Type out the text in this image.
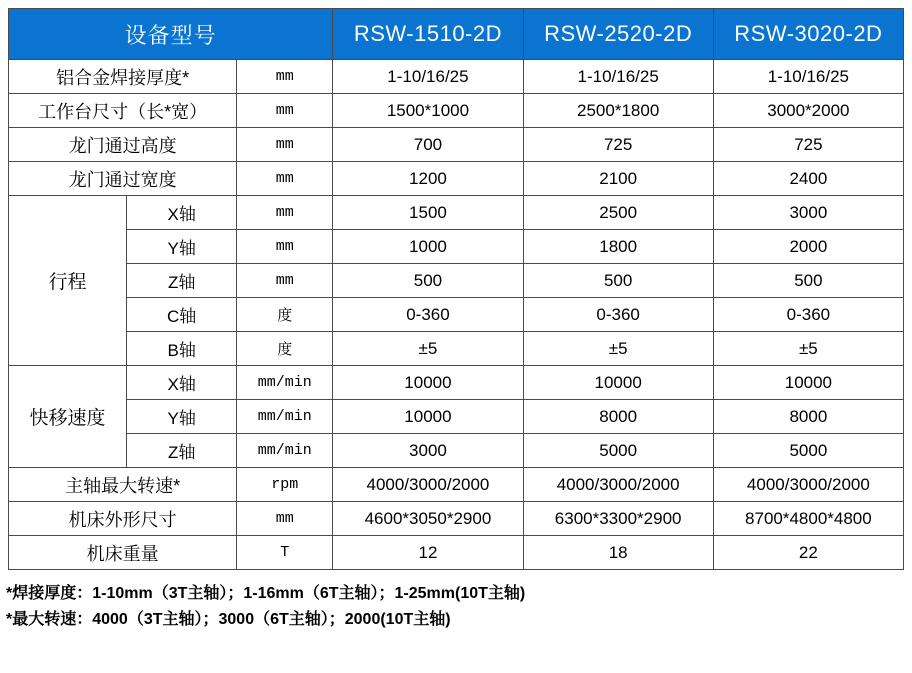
设备型号			RSW-1510-2D	RSW-2520-2D	RSW-3020-2D
铝合金焊接厚度*		mm	1-10/16/25	1-10/16/25	1-10/16/25
工作台尺寸（长*宽）		mm	1500*1000	2500*1800	3000*2000
龙门通过高度		mm	700	725	725
龙门通过宽度		mm	1200	2100	2400
行程	X轴	mm	1500	2500	3000
	Y轴	mm	1000	1800	2000
	Z轴	mm	500	500	500
	C轴	度	0-360	0-360	0-360
	B轴	度	±5	±5	±5
快移速度	X轴	mm/min	10000	10000	10000
	Y轴	mm/min	10000	8000	8000
	Z轴	mm/min	3000	5000	5000
主轴最大转速*		rpm	4000/3000/2000	4000/3000/2000	4000/3000/2000
机床外形尺寸		mm	4600*3050*2900	6300*3300*2900	8700*4800*4800
机床重量		T	12	18	22
*焊接厚度：1-10mm（3T主轴）；1-16mm（6T主轴）；1-25mm(10T主轴)
*最大转速：4000（3T主轴）；3000（6T主轴）；2000(10T主轴)
